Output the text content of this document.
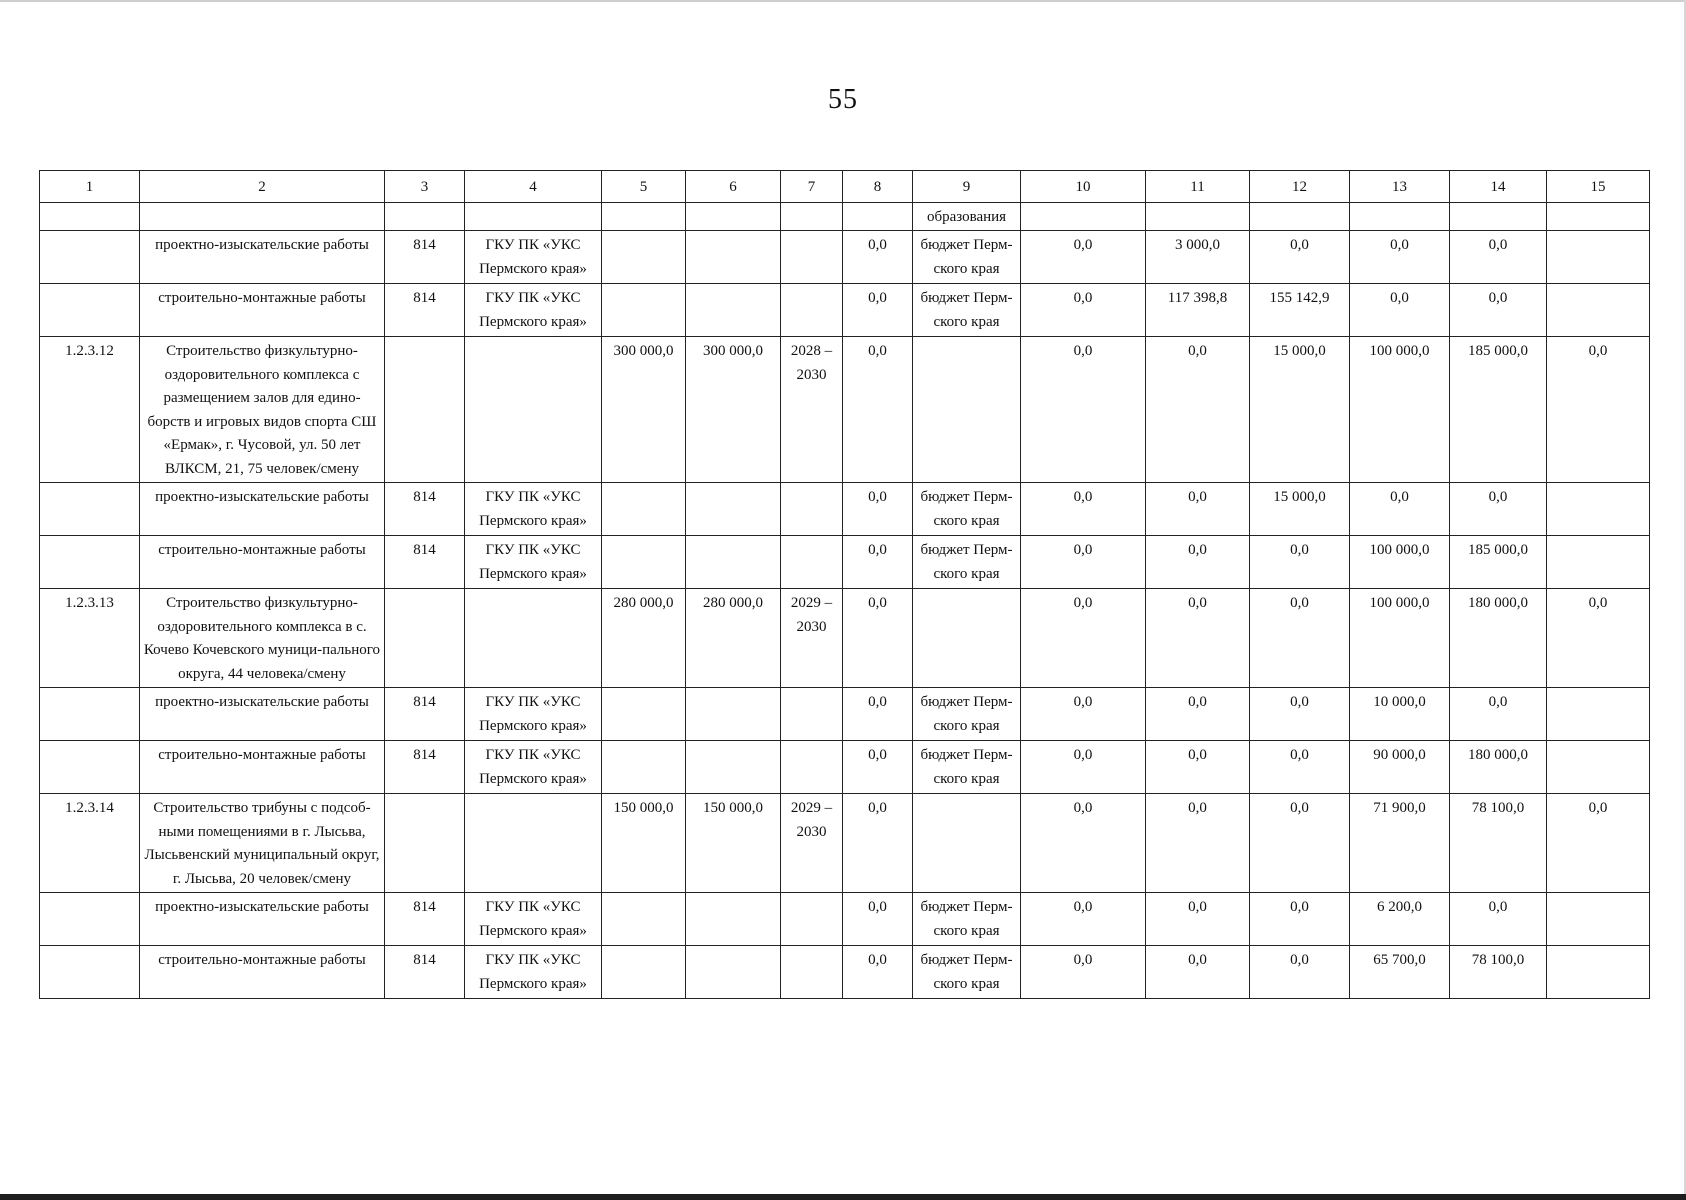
55
1	2	3	4	5	6	7	8	9	10	11	12	13	14	15
								образования						
	проектно-изыскательские работы	814	ГКУ ПК «УКС Пермского края»				0,0	бюджет Перм-ского края	0,0	3 000,0	0,0	0,0	0,0	
	строительно-монтажные работы	814	ГКУ ПК «УКС Пермского края»				0,0	бюджет Перм-ского края	0,0	117 398,8	155 142,9	0,0	0,0	
1.2.3.12	Строительство физкультурно-оздоровительного комплекса с размещением залов для едино-борств и игровых видов спорта СШ «Ермак», г. Чусовой, ул. 50 лет ВЛКСМ, 21, 75 человек/смену			300 000,0	300 000,0	2028 – 2030	0,0		0,0	0,0	15 000,0	100 000,0	185 000,0	0,0
	проектно-изыскательские работы	814	ГКУ ПК «УКС Пермского края»				0,0	бюджет Перм-ского края	0,0	0,0	15 000,0	0,0	0,0	
	строительно-монтажные работы	814	ГКУ ПК «УКС Пермского края»				0,0	бюджет Перм-ского края	0,0	0,0	0,0	100 000,0	185 000,0	
1.2.3.13	Строительство физкультурно-оздоровительного комплекса в с. Кочево Кочевского муници-пального округа, 44 человека/смену			280 000,0	280 000,0	2029 – 2030	0,0		0,0	0,0	0,0	100 000,0	180 000,0	0,0
	проектно-изыскательские работы	814	ГКУ ПК «УКС Пермского края»				0,0	бюджет Перм-ского края	0,0	0,0	0,0	10 000,0	0,0	
	строительно-монтажные работы	814	ГКУ ПК «УКС Пермского края»				0,0	бюджет Перм-ского края	0,0	0,0	0,0	90 000,0	180 000,0	
1.2.3.14	Строительство трибуны с подсоб-ными помещениями в г. Лысьва, Лысьвенский муниципальный округ, г. Лысьва, 20 человек/смену			150 000,0	150 000,0	2029 – 2030	0,0		0,0	0,0	0,0	71 900,0	78 100,0	0,0
	проектно-изыскательские работы	814	ГКУ ПК «УКС Пермского края»				0,0	бюджет Перм-ского края	0,0	0,0	0,0	6 200,0	0,0	
	строительно-монтажные работы	814	ГКУ ПК «УКС Пермского края»				0,0	бюджет Перм-ского края	0,0	0,0	0,0	65 700,0	78 100,0	
